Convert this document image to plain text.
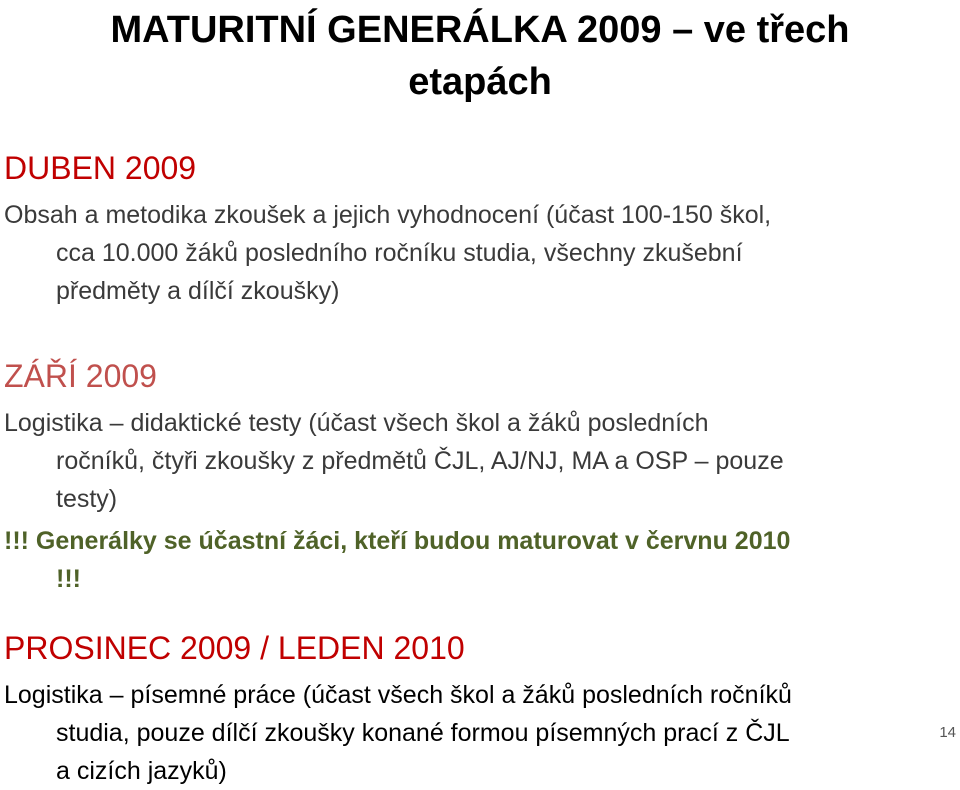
MATURITNÍ GENERÁLKA 2009 – ve třech
etapách
DUBEN 2009
Obsah a metodika zkoušek a jejich vyhodnocení (účast 100-150 škol,
cca 10.000 žáků posledního ročníku studia, všechny zkušební
předměty a dílčí zkoušky)
ZÁŘÍ 2009
Logistika – didaktické testy (účast všech škol a žáků posledních
ročníků, čtyři zkoušky z předmětů ČJL, AJ/NJ, MA a OSP – pouze
testy)
!!! Generálky se účastní žáci, kteří budou maturovat v červnu 2010
!!!
PROSINEC 2009 / LEDEN 2010
Logistika – písemné práce (účast všech škol a žáků posledních ročníků
studia, pouze dílčí zkoušky konané formou písemných prací z ČJL
a cizích jazyků)
14
